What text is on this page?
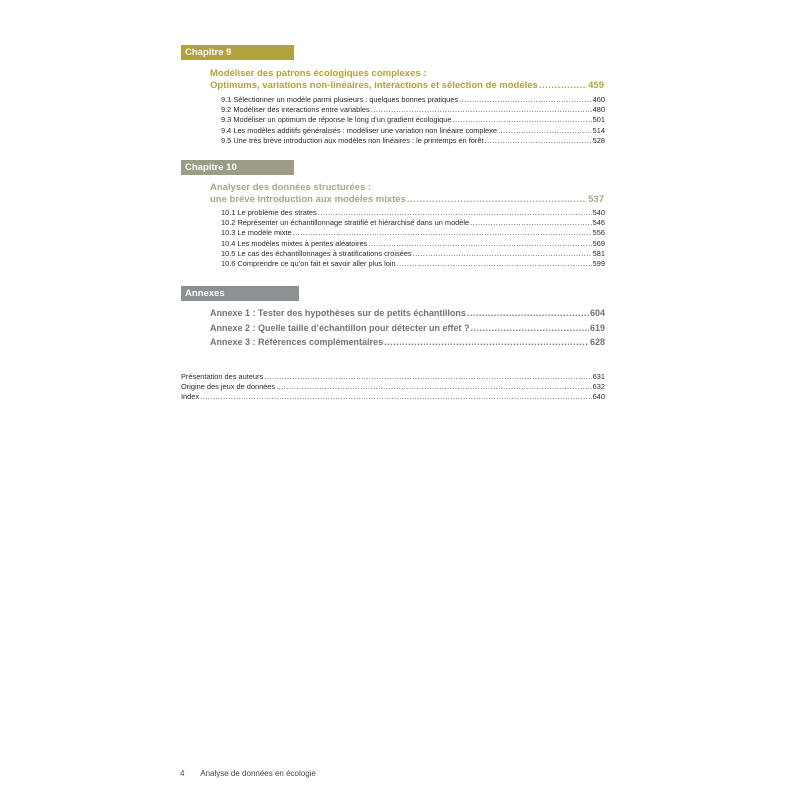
Chapitre 9
Modéliser des patrons écologiques complexes :
Optimums, variations non-linéaires, interactions et sélection de modèles .....	459
9.1 Sélectionner un modèle parmi plusieurs : quelques bonnes pratiques .....	460
9.2 Modéliser des interactions entre variables .....	480
9.3 Modéliser un optimum de réponse le long d’un gradient écologique .....	501
9.4 Les modèles additifs généralisés : modéliser une variation non linéaire complexe .....	514
9.5 Une très brève introduction aux modèles non linéaires : le printemps en forêt .....	528
Chapitre 10
Analyser des données structurées :
une brève introduction aux modèles mixtes .....	537
10.1 Le problème des strates .....	540
10.2 Représenter un échantillonnage stratifié et hiérarchisé dans un modèle .....	546
10.3 Le modèle mixte .....	556
10.4 Les modèles mixtes à pentes aléatoires .....	569
10.5 Le cas des échantillonnages à stratifications croisées .....	581
10.6 Comprendre ce qu’on fait et savoir aller plus loin .....	599
Annexes
Annexe 1 : Tester des hypothèses sur de petits échantillons .....	604
Annexe 2 : Quelle taille d’échantillon pour détecter un effet ? .....	619
Annexe 3 : Références complémentaires .....	628
Présentation des auteurs .....	631
Origine des jeux de données .....	632
Index .....	640
4 Analyse de données en écologie
